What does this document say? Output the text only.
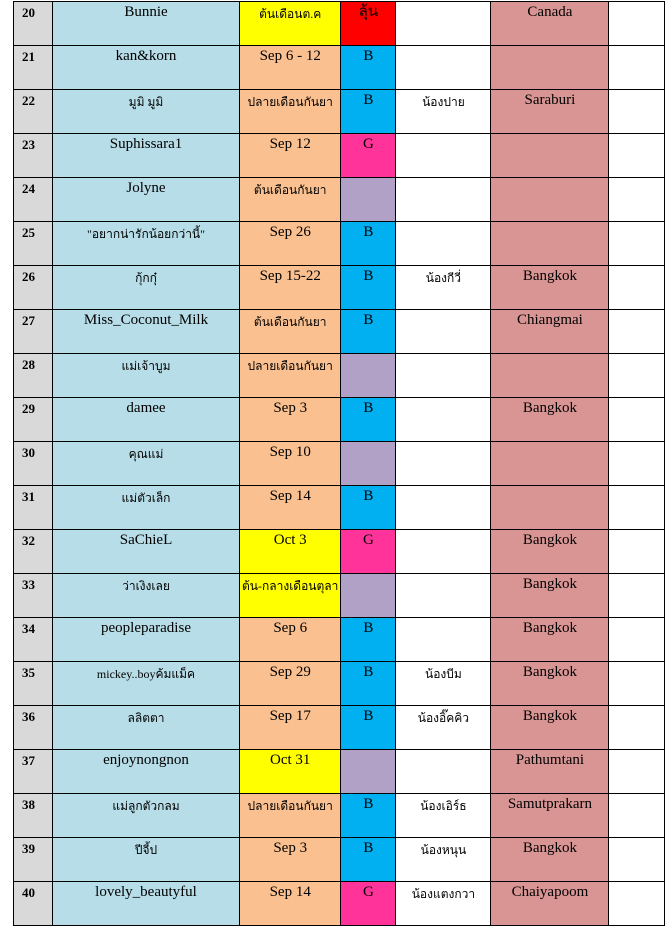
20	Bunnie	ต้นเดือนต.ค	ลุ้น		Canada	
21	kan&korn	Sep 6 - 12	B			
22	มูมิ มูมิ	ปลายเดือนกันยา	B	น้องปาย	Saraburi	
23	Suphissara1	Sep 12	G			
24	Jolyne	ต้นเดือนกันยา				
25	"อยากน่ารักน้อยกว่านี้"	Sep 26	B			
26	กุ้กกุ๋	Sep 15-22	B	น้องกีวี่	Bangkok	
27	Miss_Coconut_Milk	ต้นเดือนกันยา	B		Chiangmai	
28	แม่เจ้าบูม	ปลายเดือนกันยา				
29	damee	Sep 3	B		Bangkok	
30	คุณแม่	Sep 10				
31	แม่ตัวเล็ก	Sep 14	B			
32	SaChieL	Oct 3	G		Bangkok	
33	ว่าเงิงเลย	ต้น-กลางเดือนตุลา			Bangkok	
34	peopleparadise	Sep 6	B		Bangkok	
35	mickey..boyค้มแม็ค	Sep 29	B	น้องบีม	Bangkok	
36	ลลิตตา	Sep 17	B	น้องอิ๊คคิว	Bangkok	
37	enjoynongnon	Oct 31			Pathumtani	
38	แม่ลูกตัวกลม	ปลายเดือนกันยา	B	น้องเอิร์ธ	Samutprakarn	
39	ปีจี้ป	Sep 3	B	น้องหนุน	Bangkok	
40	lovely_beautyful	Sep 14	G	น้องแตงกวา	Chaiyapoom	
